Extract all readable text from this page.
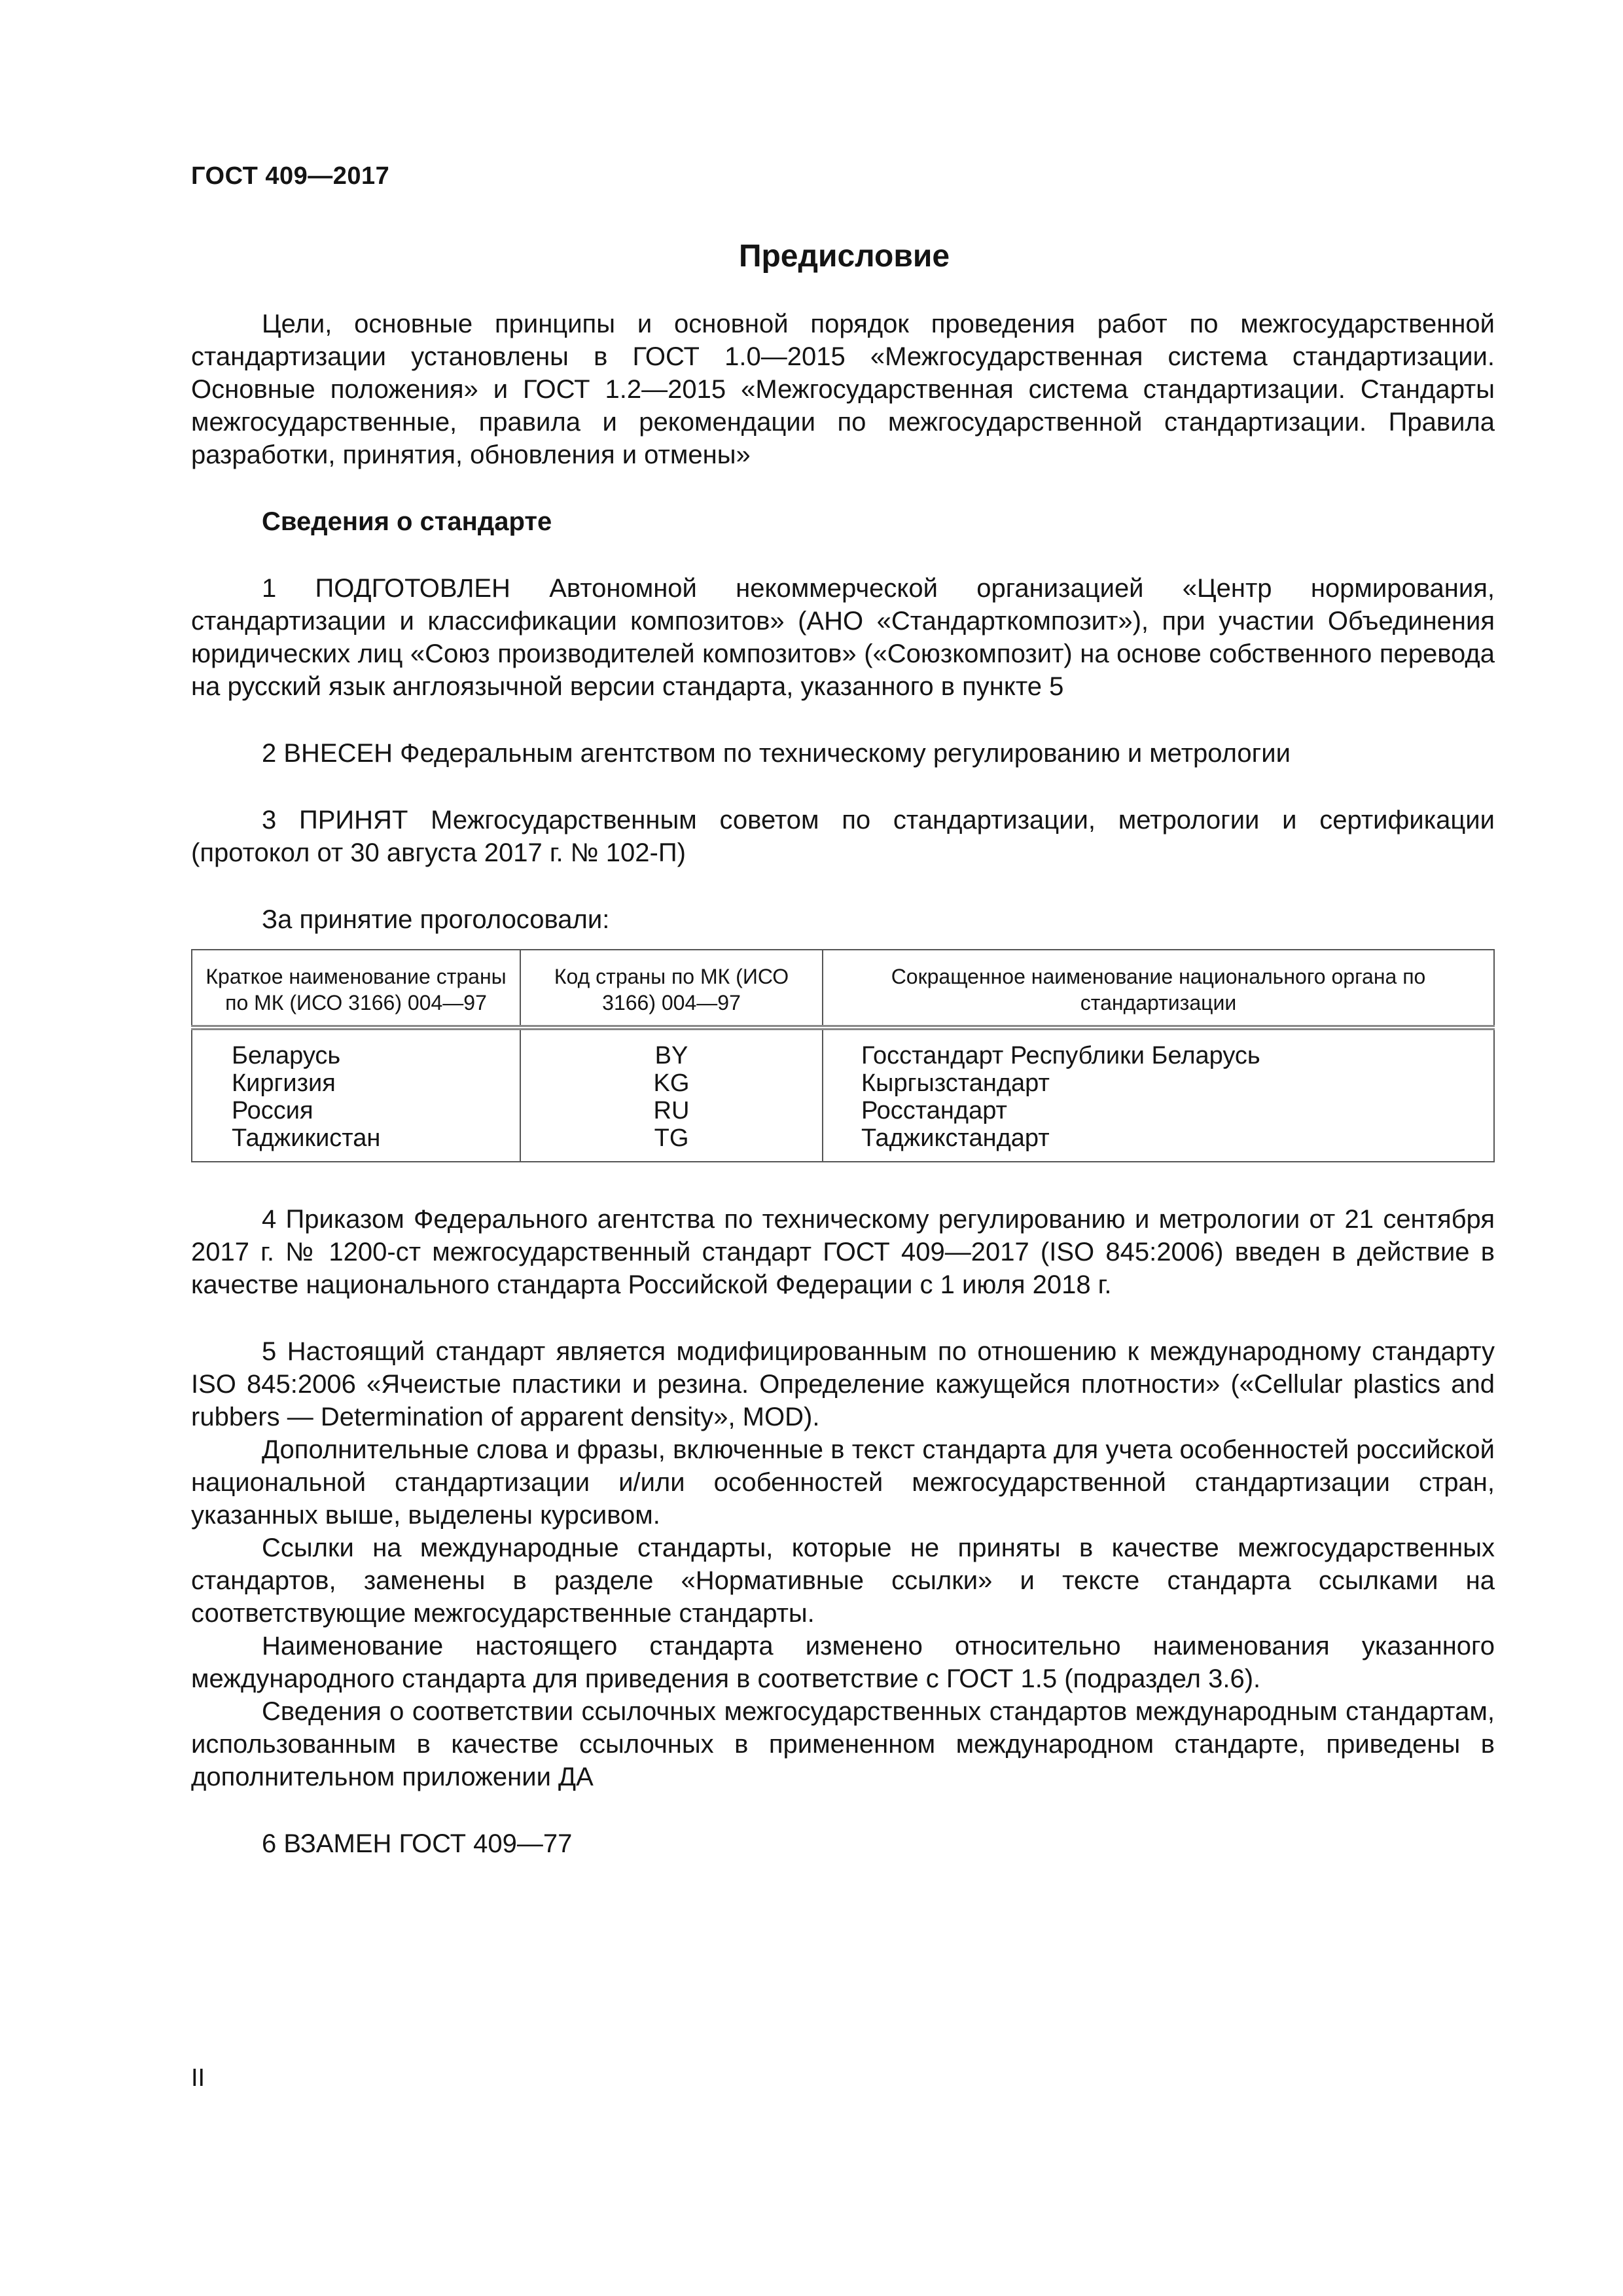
ГОСТ 409—2017
Предисловие

Цели, основные принципы и основной порядок проведения работ по межгосударственной стандартизации установлены в ГОСТ 1.0—2015 «Межгосударственная система стандартизации. Основные положения» и ГОСТ 1.2—2015 «Межгосударственная система стандартизации. Стандарты межгосударственные, правила и рекомендации по межгосударственной стандартизации. Правила разработки, принятия, обновления и отмены»

Сведения о стандарте

1 ПОДГОТОВЛЕН Автономной некоммерческой организацией «Центр нормирования, стандартизации и классификации композитов» (АНО «Стандарткомпозит»), при участии Объединения юридических лиц «Союз производителей композитов» («Союзкомпозит) на основе собственного перевода на русский язык англоязычной версии стандарта, указанного в пункте 5

2 ВНЕСЕН Федеральным агентством по техническому регулированию и метрологии

3 ПРИНЯТ Межгосударственным советом по стандартизации, метрологии и сертификации (протокол от 30 августа 2017 г. № 102-П)

За принятие проголосовали:
Краткое наименование страны по МК (ИСО 3166) 004—97	Код страны по МК (ИСО 3166) 004—97	Сокращенное наименование национального органа по стандартизации
Беларусь	BY	Госстандарт Республики Беларусь
Киргизия	KG	Кыргызстандарт
Россия	RU	Росстандарт
Таджикистан	TG	Таджикстандарт

4 Приказом Федерального агентства по техническому регулированию и метрологии от 21 сентября 2017 г. № 1200-ст межгосударственный стандарт ГОСТ 409—2017 (ISO 845:2006) введен в действие в качестве национального стандарта Российской Федерации с 1 июля 2018 г.

5 Настоящий стандарт является модифицированным по отношению к международному стандарту ISO 845:2006 «Ячеистые пластики и резина. Определение кажущейся плотности» («Cellular plastics and rubbers — Determination of apparent density», MOD).

Дополнительные слова и фразы, включенные в текст стандарта для учета особенностей российской национальной стандартизации и/или особенностей межгосударственной стандартизации стран, указанных выше, выделены курсивом.

Ссылки на международные стандарты, которые не приняты в качестве межгосударственных стандартов, заменены в разделе «Нормативные ссылки» и тексте стандарта ссылками на соответствующие межгосударственные стандарты.

Наименование настоящего стандарта изменено относительно наименования указанного международного стандарта для приведения в соответствие с ГОСТ 1.5 (подраздел 3.6).

Сведения о соответствии ссылочных межгосударственных стандартов международным стандартам, использованным в качестве ссылочных в примененном международном стандарте, приведены в дополнительном приложении ДА

6 ВЗАМЕН ГОСТ 409—77

II
